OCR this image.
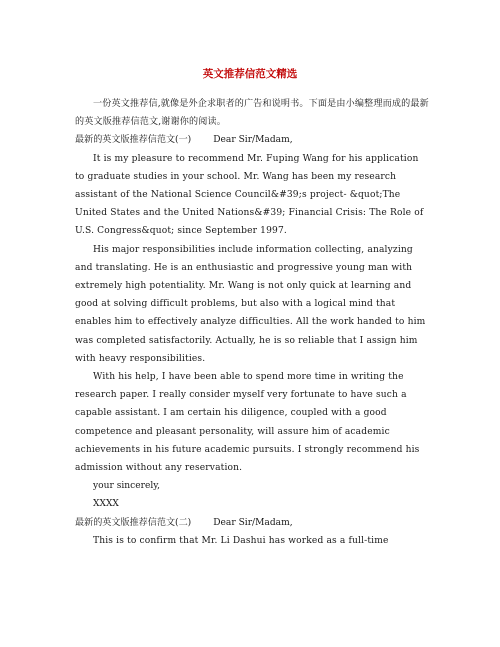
英文推荐信范文精选

一份英文推荐信,就像是外企求职者的广告和说明书。下面是由小编整理而成的最新的英文版推荐信范文,谢谢你的阅读。

最新的英文版推荐信范文(一) Dear Sir/Madam,

It is my pleasure to recommend Mr. Fuping Wang for his application to graduate studies in your school. Mr. Wang has been my research assistant of the National Science Council&#39;s project- &quot;The United States and the United Nations&#39; Financial Crisis: The Role of U.S. Congress&quot; since September 1997.

His major responsibilities include information collecting, analyzing and translating. He is an enthusiastic and progressive young man with extremely high potentiality. Mr. Wang is not only quick at learning and good at solving difficult problems, but also with a logical mind that enables him to effectively analyze difficulties. All the work handed to him was completed satisfactorily. Actually, he is so reliable that I assign him with heavy responsibilities.

With his help, I have been able to spend more time in writing the research paper. I really consider myself very fortunate to have such a capable assistant. I am certain his diligence, coupled with a good competence and pleasant personality, will assure him of academic achievements in his future academic pursuits. I strongly recommend his admission without any reservation.

your sincerely,

XXXX

最新的英文版推荐信范文(二) Dear Sir/Madam,

This is to confirm that Mr. Li Dashui has worked as a full-time
